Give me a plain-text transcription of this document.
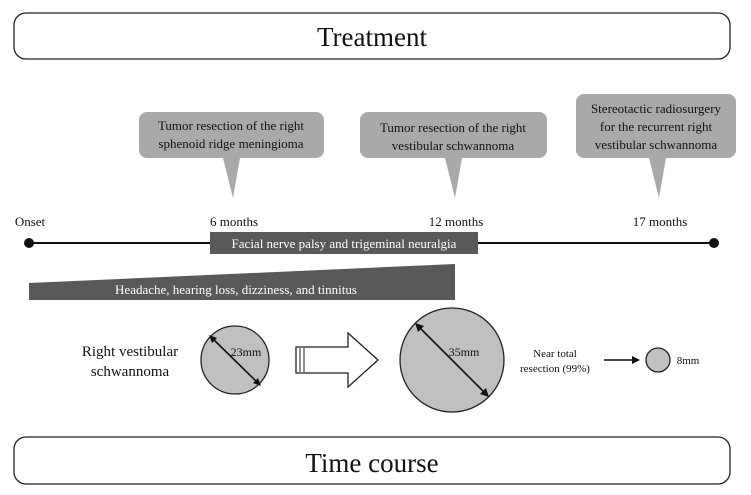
Treatment
Tumor resection of the right
sphenoid ridge meningioma
Tumor resection of the right
vestibular schwannoma
Stereotactic radiosurgery
for the recurrent right
vestibular schwannoma
Onset	6 months	12 months	17 months
Facial nerve palsy and trigeminal neuralgia
Headache, hearing loss, dizziness, and tinnitus
Right vestibular
schwannoma
23mm	35mm	Near total
resection (99%)
8mm
Time course
